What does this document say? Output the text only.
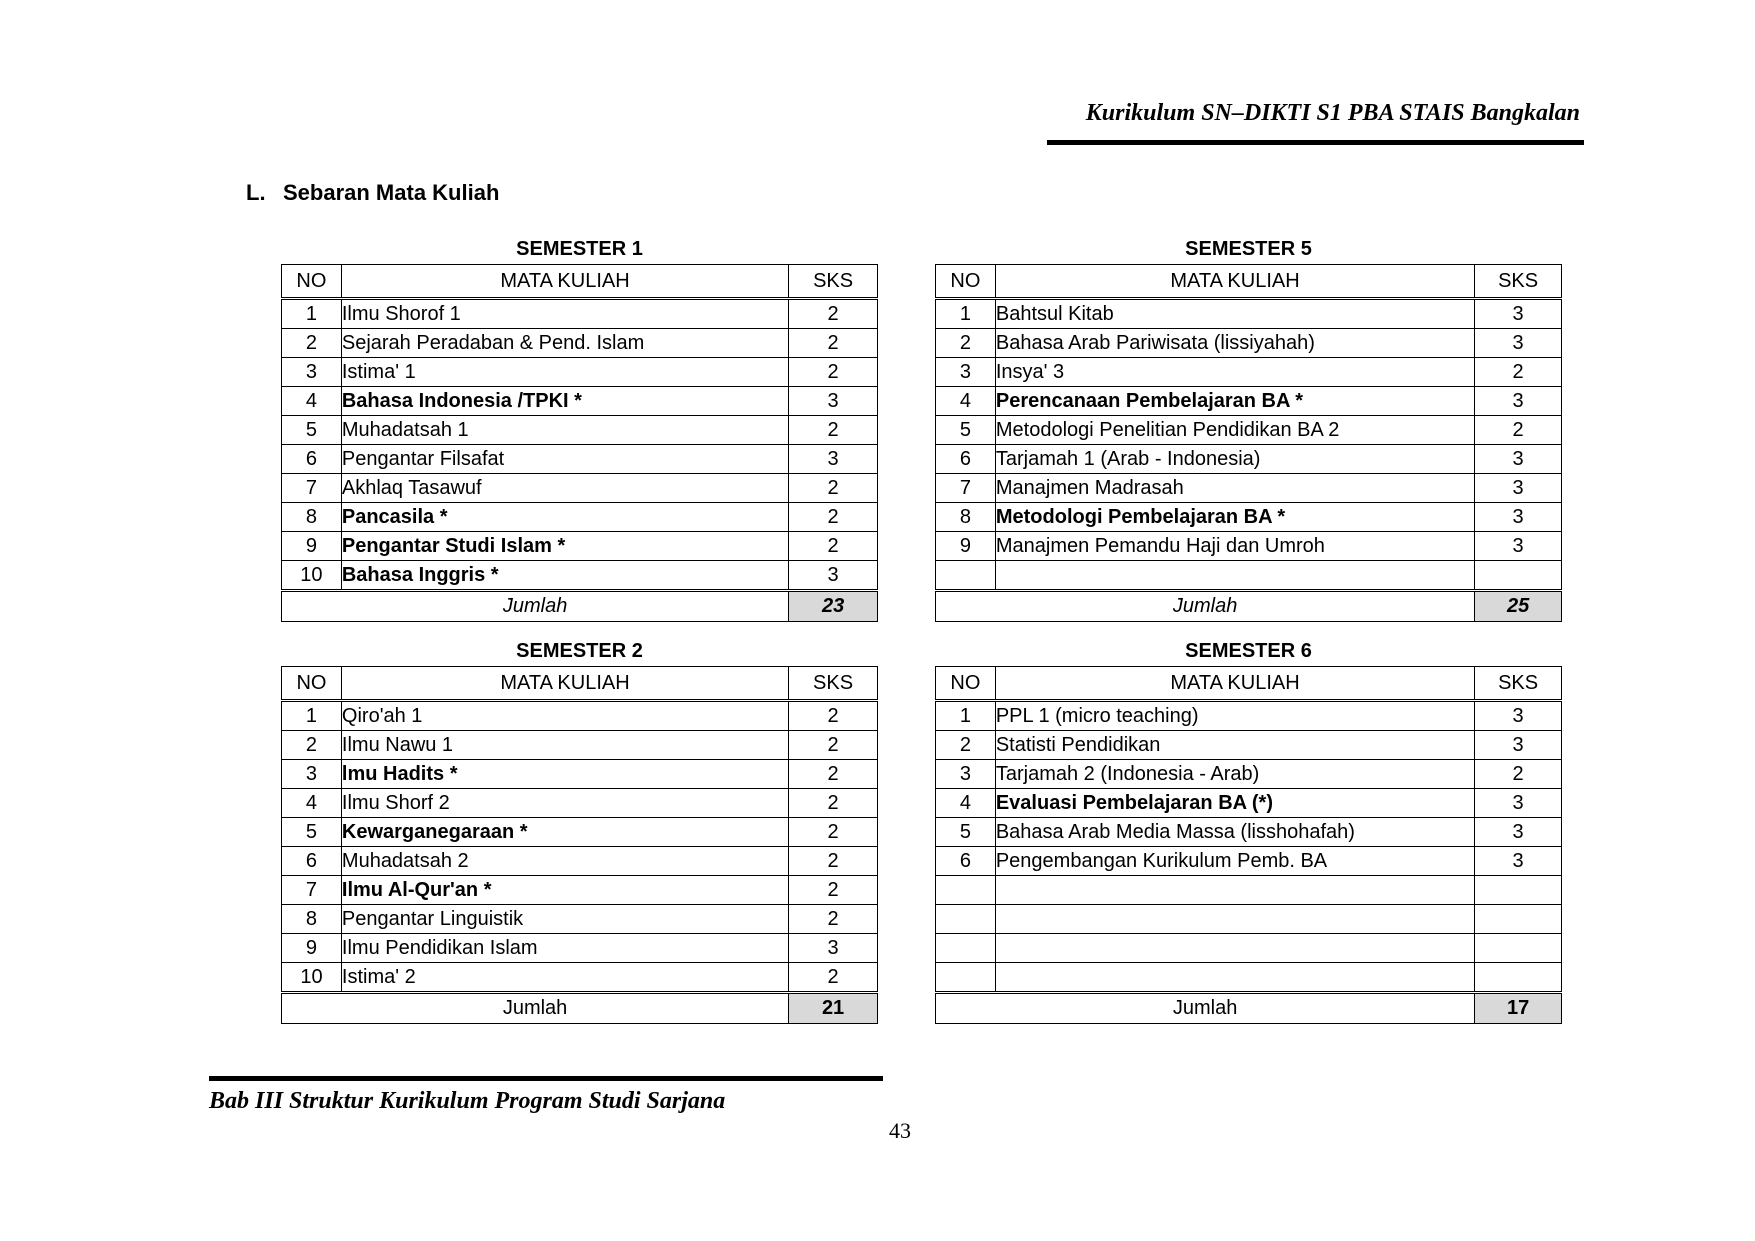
Kurikulum SN–DIKTI S1 PBA STAIS Bangkalan
L. Sebaran Mata Kuliah
SEMESTER 1
NO	MATA KULIAH	SKS
1	Ilmu Shorof 1	2
2	Sejarah Peradaban & Pend. Islam	2
3	Istima' 1	2
4	Bahasa Indonesia /TPKI *	3
5	Muhadatsah 1	2
6	Pengantar Filsafat	3
7	Akhlaq Tasawuf	2
8	Pancasila *	2
9	Pengantar Studi Islam *	2
10	Bahasa Inggris *	3
Jumlah		23
SEMESTER 5
NO	MATA KULIAH	SKS
1	Bahtsul Kitab	3
2	Bahasa Arab Pariwisata (lissiyahah)	3
3	Insya' 3	2
4	Perencanaan Pembelajaran BA *	3
5	Metodologi Penelitian Pendidikan BA 2	2
6	Tarjamah 1 (Arab - Indonesia)	3
7	Manajmen Madrasah	3
8	Metodologi Pembelajaran BA *	3
9	Manajmen Pemandu Haji dan Umroh	3

Jumlah		25
SEMESTER 2
NO	MATA KULIAH	SKS
1	Qiro'ah 1	2
2	Ilmu Nawu 1	2
3	lmu Hadits *	2
4	Ilmu Shorf 2	2
5	Kewarganegaraan *	2
6	Muhadatsah 2	2
7	Ilmu Al-Qur'an *	2
8	Pengantar Linguistik	2
9	Ilmu Pendidikan Islam	3
10	Istima' 2	2
Jumlah		21
SEMESTER 6
NO	MATA KULIAH	SKS
1	PPL 1 (micro teaching)	3
2	Statisti Pendidikan	3
3	Tarjamah 2 (Indonesia - Arab)	2
4	Evaluasi Pembelajaran BA (*)	3
5	Bahasa Arab Media Massa (lisshohafah)	3
6	Pengembangan Kurikulum Pemb. BA	3

Jumlah		17
Bab III Struktur Kurikulum Program Studi Sarjana
43
